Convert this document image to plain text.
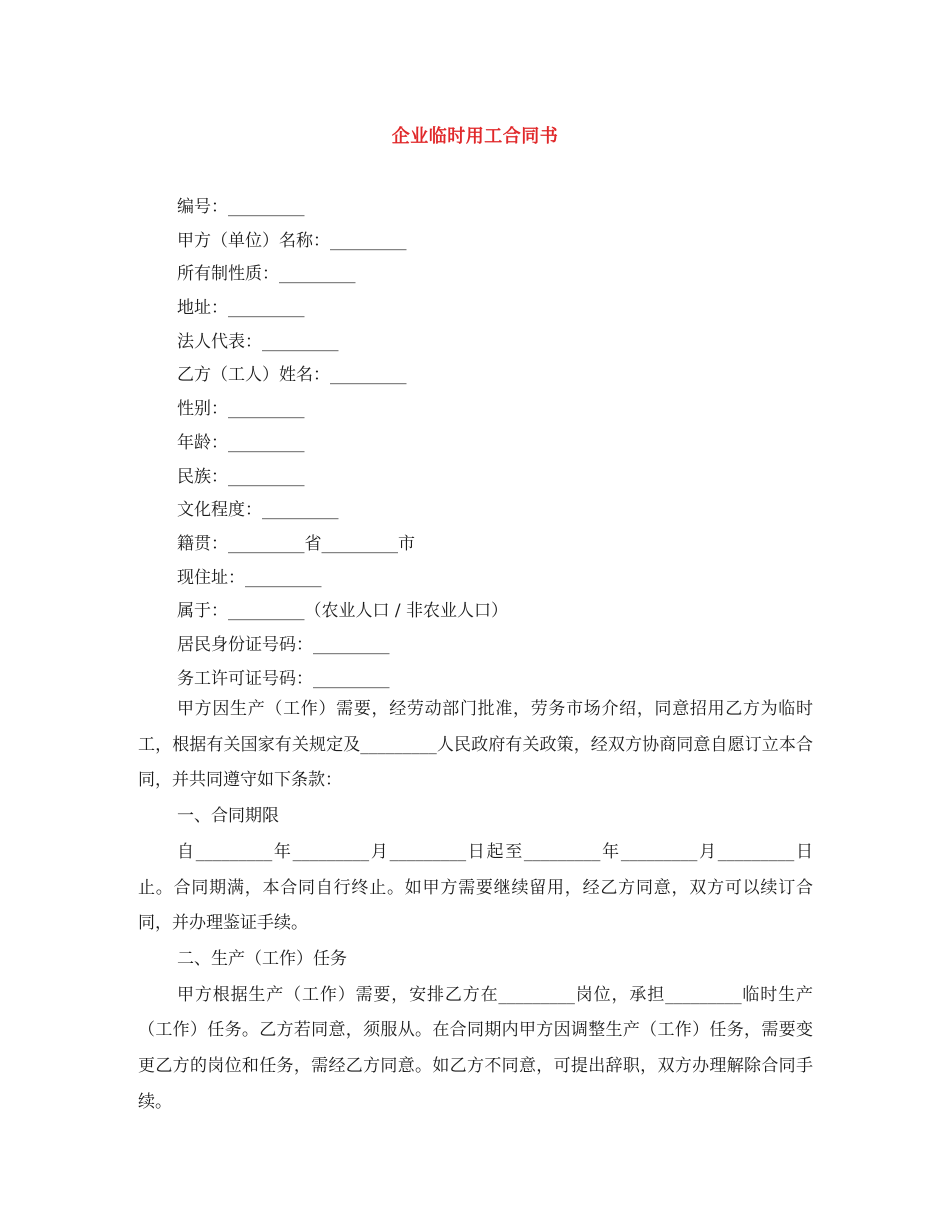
企业临时用工合同书
编号：_________
甲方（单位）名称：_________
所有制性质：_________
地址：_________
法人代表：_________
乙方（工人）姓名：_________
性别：_________
年龄：_________
民族：_________
文化程度：_________
籍贯：_________省_________市
现住址：_________
属于：_________（农业人口 / 非农业人口）
居民身份证号码：_________
务工许可证号码：_________

甲方因生产（工作）需要，经劳动部门批准，劳务市场介绍，同意招用乙方为临时工，根据有关国家有关规定及_________人民政府有关政策，经双方协商同意自愿订立本合同，并共同遵守如下条款：

一、合同期限

自_________年_________月_________日起至_________年_________月_________日止。合同期满，本合同自行终止。如甲方需要继续留用，经乙方同意，双方可以续订合同，并办理鉴证手续。

二、生产（工作）任务

甲方根据生产（工作）需要，安排乙方在_________岗位，承担_________临时生产（工作）任务。乙方若同意，须服从。在合同期内甲方因调整生产（工作）任务，需要变更乙方的岗位和任务，需经乙方同意。如乙方不同意，可提出辞职，双方办理解除合同手续。
